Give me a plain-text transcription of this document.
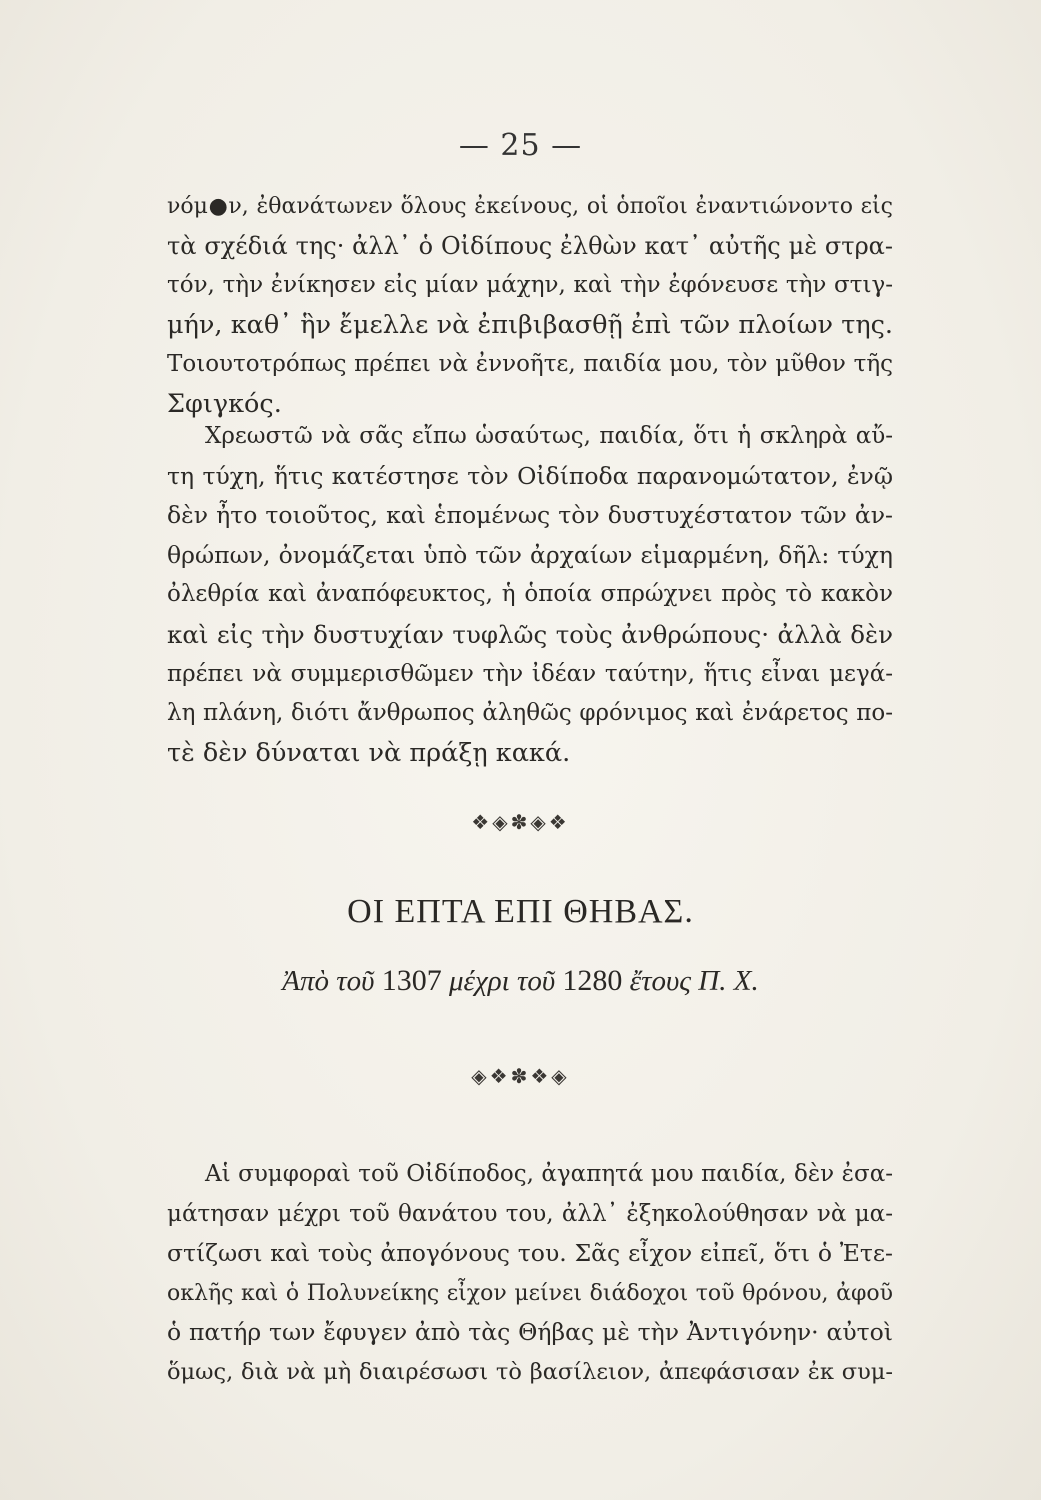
— 25 —
νόμ●ν, ἐθανάτωνεν ὅλους ἐκείνους, οἱ ὁποῖοι ἐναντιώνοντο εἰς
τὰ σχέδιά της· ἀλλ᾽ ὁ Οἰδίπους ἐλθὼν κατ᾽ αὐτῆς μὲ στρα-
τόν, τὴν ἐνίκησεν εἰς μίαν μάχην, καὶ τὴν ἐφόνευσε τὴν στιγ-
μήν, καθ᾽ ἣν ἔμελλε νὰ ἐπιβιβασθῇ ἐπὶ τῶν πλοίων της.
Τοιουτοτρόπως πρέπει νὰ ἐννοῆτε, παιδία μου, τὸν μῦθον τῆς
Σφιγκός.
Χρεωστῶ νὰ σᾶς εἴπω ὡσαύτως, παιδία, ὅτι ἡ σκληρὰ αὔ-
τη τύχη, ἥτις κατέστησε τὸν Οἰδίποδα παρανομώτατον, ἐνῷ
δὲν ἦτο τοιοῦτος, καὶ ἑπομένως τὸν δυστυχέστατον τῶν ἀν-
θρώπων, ὀνομάζεται ὑπὸ τῶν ἀρχαίων εἱμαρμένη, δῆλ: τύχη
ὀλεθρία καὶ ἀναπόφευκτος, ἡ ὁποία σπρώχνει πρὸς τὸ κακὸν
καὶ εἰς τὴν δυστυχίαν τυφλῶς τοὺς ἀνθρώπους· ἀλλὰ δὲν
πρέπει νὰ συμμερισθῶμεν τὴν ἰδέαν ταύτην, ἥτις εἶναι μεγά-
λη πλάνη, διότι ἄνθρωπος ἀληθῶς φρόνιμος καὶ ἐνάρετος πο-
τὲ δὲν δύναται νὰ πράξῃ κακά.
❖◈✽◈❖
ΟΙ ΕΠΤΑ ΕΠΙ ΘΗΒΑΣ.
Ἀπὸ τοῦ 1307 μέχρι τοῦ 1280 ἔτους Π. Χ.
◈❖✽❖◈
Αἱ συμφοραὶ τοῦ Οἰδίποδος, ἀγαπητά μου παιδία, δὲν ἐσα-
μάτησαν μέχρι τοῦ θανάτου του, ἀλλ᾽ ἐξηκολούθησαν νὰ μα-
στίζωσι καὶ τοὺς ἀπογόνους του. Σᾶς εἶχον εἰπεῖ, ὅτι ὁ Ἐτε-
οκλῆς καὶ ὁ Πολυνείκης εἶχον μείνει διάδοχοι τοῦ θρόνου, ἀφοῦ
ὁ πατήρ των ἔφυγεν ἀπὸ τὰς Θήβας μὲ τὴν Ἀντιγόνην· αὐτοὶ
ὅμως, διὰ νὰ μὴ διαιρέσωσι τὸ βασίλειον, ἀπεφάσισαν ἐκ συμ-
